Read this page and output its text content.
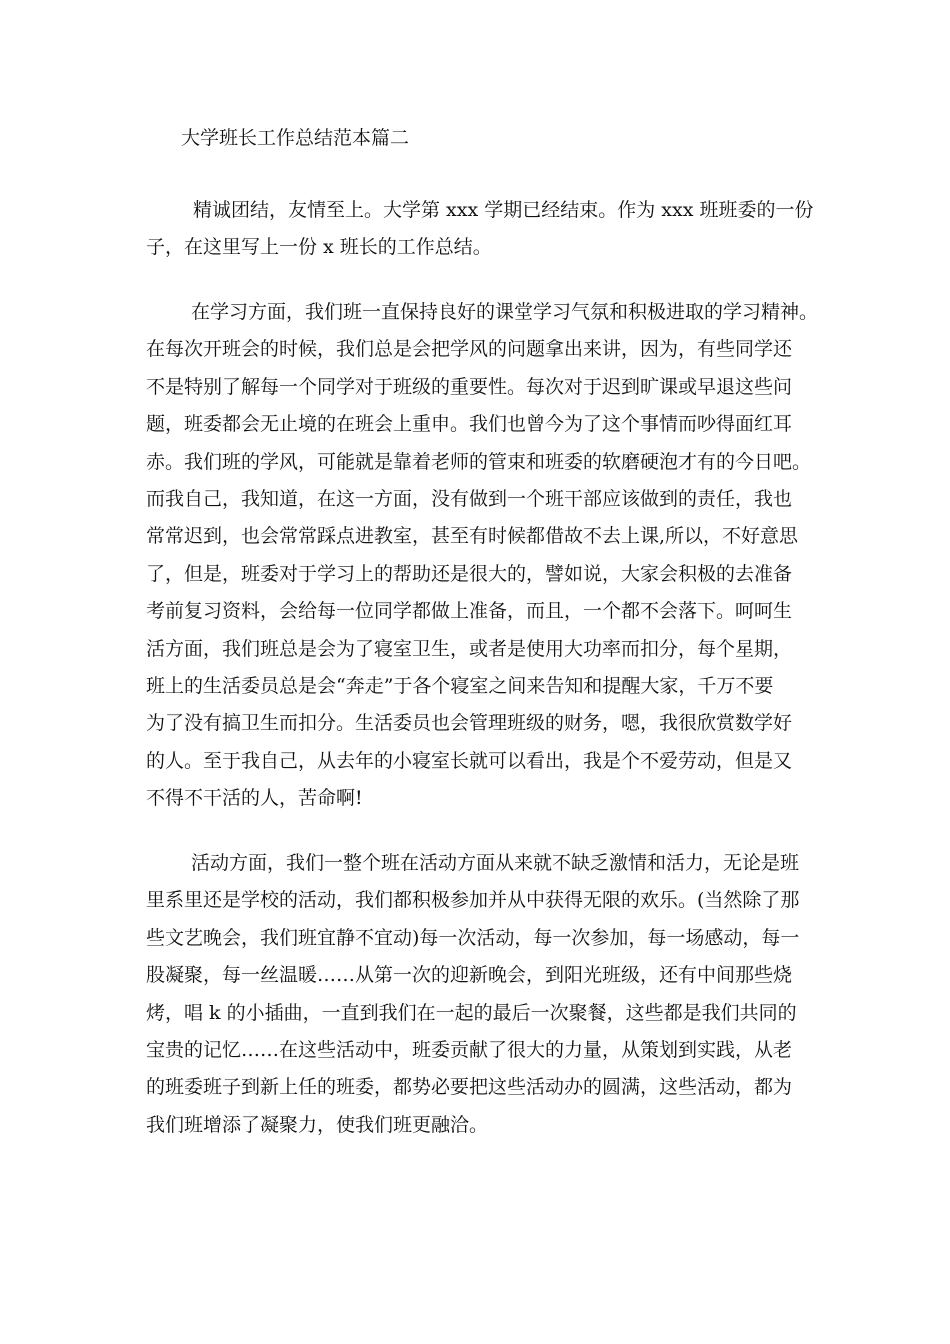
大学班长工作总结范本篇二
精诚团结，友情至上。大学第 xxx 学期已经结束。作为 xxx 班班委的一份
子，在这里写上一份 x 班长的工作总结。
在学习方面，我们班一直保持良好的课堂学习气氛和积极进取的学习精神。
在每次开班会的时候，我们总是会把学风的问题拿出来讲，因为，有些同学还
不是特别了解每一个同学对于班级的重要性。每次对于迟到旷课或早退这些问
题，班委都会无止境的在班会上重申。我们也曾今为了这个事情而吵得面红耳
赤。我们班的学风，可能就是靠着老师的管束和班委的软磨硬泡才有的今日吧。
而我自己，我知道，在这一方面，没有做到一个班干部应该做到的责任，我也
常常迟到，也会常常踩点进教室，甚至有时候都借故不去上课,所以，不好意思
了，但是，班委对于学习上的帮助还是很大的，譬如说，大家会积极的去准备
考前复习资料，会给每一位同学都做上准备，而且，一个都不会落下。呵呵生
活方面，我们班总是会为了寝室卫生，或者是使用大功率而扣分，每个星期，
班上的生活委员总是会“奔走”于各个寝室之间来告知和提醒大家，千万不要
为了没有搞卫生而扣分。生活委员也会管理班级的财务，嗯，我很欣赏数学好
的人。至于我自己，从去年的小寝室长就可以看出，我是个不爱劳动，但是又
不得不干活的人，苦命啊!
活动方面，我们一整个班在活动方面从来就不缺乏激情和活力，无论是班
里系里还是学校的活动，我们都积极参加并从中获得无限的欢乐。(当然除了那
些文艺晚会，我们班宜静不宜动)每一次活动，每一次参加，每一场感动，每一
股凝聚，每一丝温暖……从第一次的迎新晚会，到阳光班级，还有中间那些烧
烤，唱 k 的小插曲，一直到我们在一起的最后一次聚餐，这些都是我们共同的
宝贵的记忆……在这些活动中，班委贡献了很大的力量，从策划到实践，从老
的班委班子到新上任的班委，都势必要把这些活动办的圆满，这些活动，都为
我们班增添了凝聚力，使我们班更融洽。
